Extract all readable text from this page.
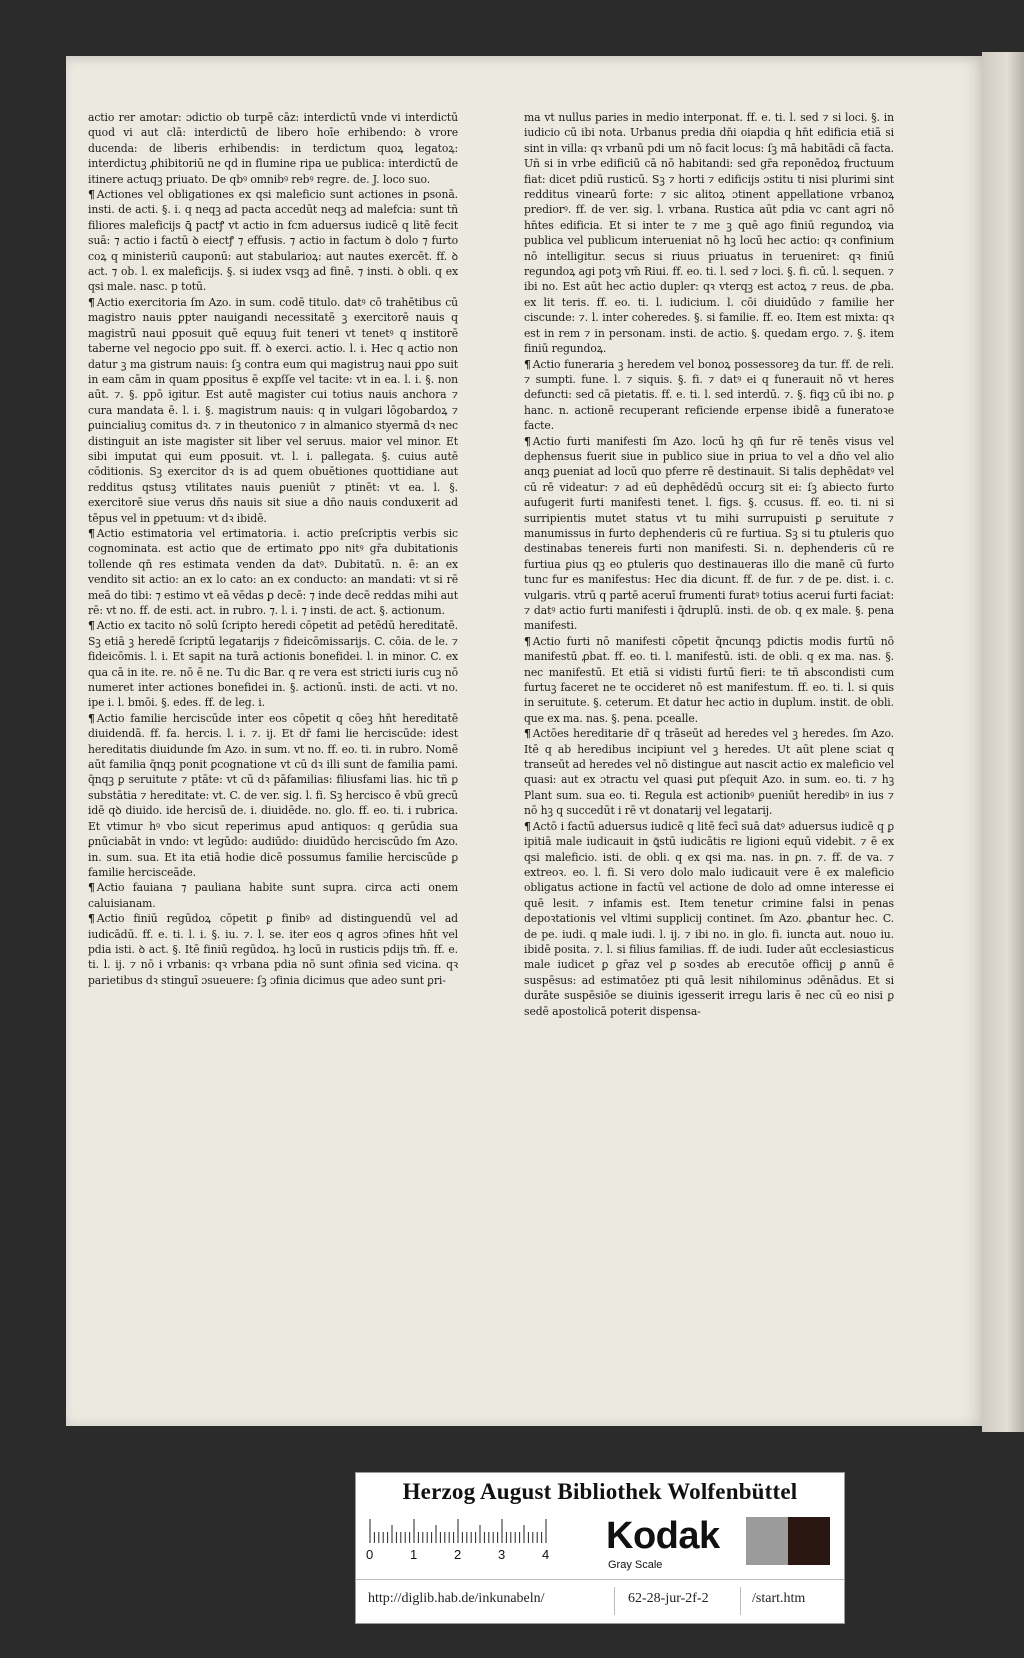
actio rer amotar: ɔdictio ob turpē cāz: interdictū vnde vi interdictū quod vi aut clā: interdictū de libero hoīe erhibendo: ꝺ vrore ducenda: de liberis erhibendis: in terdictum quoꝝ legatoꝝ: interdictuꝫ ꝓhibitoriū ne qd in flumine ripa ue publica: interdictū de itinere actuqꝫ priuato. De qbꝰ omnibꝰ rebꝰ regre. de. J. loco suo.

¶ Actiones vel obligationes ex qsi maleficio sunt actiones in ꝑsonā. insti. de acti. §. i. q neqꝫ ad pacta accedūt neqꝫ ad malefcia: sunt tñ filiores maleficijs ꝗ̄ pactꝭ vt actio in fcm aduersus iudicē q litē fecit suā: ⁊ actio i factū ꝺ eiectꝭ ⁊ effusis. ⁊ actio in factum ꝺ dolo ⁊ furto coꝝ q ministeriū cauponū: aut stabularioꝝ: aut nautes exercēt. ff. ꝺ act. ⁊ ob. l. ex maleficijs. §. si iudex vsqꝫ ad finē. ⁊ insti. ꝺ obli. q ex qsi male. nasc. p totū.

¶ Actio exercitoria ſm Azo. in sum. codē titulo. datꝰ cō trahētibus cū magistro nauis ꝑpter nauigandi necessitatē ꝫ exercitorē nauis q magistrū naui ꝑposuit quē equuꝫ fuit teneri vt tenetꝰ q institorē taberne vel negocio ꝑpo suit. ff. ꝺ exerci. actio. l. i. Hec q actio non datur ꝫ ma gistrum nauis: ſꝫ contra eum qui magistruꝫ naui ꝑpo suit in eam cām in quam ꝑpositus ē expſſe vel tacite: vt in ea. l. i. §. non aūt. ⁊. §. ꝑpō igitur. Est autē magister cui totius nauis anchora ⁊ cura mandata ē. l. i. §. magistrum nauis: q in vulgari lōgobardoꝝ ⁊ ꝑuincialiuꝫ comitus dꝛ. ⁊ in theutonico ⁊ in almanico styermā dꝛ nec distinguit an iste magister sit liber vel seruus. maior vel minor. Et sibi imputat qui eum ꝑposuit. vt. l. i. pallegata. §. cuius autē cōditionis. Sꝫ exercitor dꝛ is ad quem obuētiones quottidiane aut redditus qstusꝫ vtilitates nauis ꝑueniūt ⁊ ptinēt: vt ea. l. §. exercitorē siue verus dn̄s nauis sit siue a dn̄o nauis conduxerit ad tēpus vel in ꝑpetuum: vt dꝛ ibidē.

¶ Actio estimatoria vel ertimatoria. i. actio preſcriptis verbis sic cognominata. est actio que de ertimato ꝑpo nitꝰ gr̄a dubitationis tollende qn̄ res estimata venden da datꝰ. Dubitatū. n. ē: an ex vendito sit actio: an ex lo cato: an ex conducto: an mandati: vt si rē meā do tibi: ⁊ estimo vt eā vēdas ꝑ decē: ⁊ inde decē reddas mihi aut rē: vt no. ff. de esti. act. in rubro. ⁊. l. i. ⁊ insti. de act. §. actionum.

¶ Actio ex tacito nō solū ſcripto heredi cōpetit ad petēdū hereditatē. Sꝫ etiā ꝫ heredē ſcriptū legatarijs ⁊ fideicōmissarijs. C. cōia. de le. ⁊ fideicōmis. l. i. Et sapit na turā actionis bonefidei. l. in minor. C. ex qua cā in ite. re. nō ē ne. Tu dic Bar. q re vera est stricti iuris cuꝫ nō numeret inter actiones bonefidei in. §. actionū. insti. de acti. vt no. ipe i. l. bmōi. §. edes. ff. de leg. i.

¶ Actio familie herciscūde inter eos cōpetit q cōeꝫ hn̄t hereditatē diuidendā. ff. fa. hercis. l. i. ⁊. ij. Et dr̄ fami lie herciscūde: idest hereditatis diuidunde ſm Azo. in sum. vt no. ff. eo. ti. in rubro. Nomē aūt familia q̄nqꝫ ponit ꝑcognatione vt cū dꝛ illi sunt de familia pami. q̄nqꝫ ꝑ seruitute ⁊ ptāte: vt cū dꝛ pāfamilias: filiusfami lias. hic tñ ꝑ substātia ⁊ hereditate: vt. C. de ver. sig. l. fi. Sꝫ hercisco ē vbū grecū idē qꝺ diuido. ide hercisū de. i. diuidēde. no. glo. ff. eo. ti. i rubrica. Et vtimur hꝰ vbo sicut reperimus apud antiquos: q gerūdia sua ꝑnūciabāt in vndo: vt legūdo: audiūdo: diuidūdo herciscūdo ſm Azo. in. sum. sua. Et ita etiā hodie dicē possumus familie herciscūde ꝑ familie hercisceāde.

¶ Actio fauiana ⁊ pauliana habite sunt supra. circa acti onem caluisianam.

¶ Actio finiū regūdoꝝ cōpetit ꝑ finibꝰ ad distinguendū vel ad iudicādū. ff. e. ti. l. i. §. iu. ⁊. l. se. iter eos q agros ɔfines hn̄t vel pdia isti. ꝺ act. §. Itē finiū regūdoꝝ. hꝫ locū in rusticis pdijs tm̄. ff. e. ti. l. ij. ⁊ nō i vrbanis: qꝛ vrbana pdia nō sunt ɔfinia sed vicina. qꝛ parietibus dꝛ stinguī ɔsueuere: ſꝫ ɔfinia dicimus que adeo sunt ꝑri-

ma vt nullus paries in medio interponat. ff. e. ti. l. sed ⁊ si loci. §. in iudicio cū ibi nota. Urbanus predia dn̄i oiapdia q hn̄t edificia etiā si sint in villa: qꝛ vrbanū pdi um nō facit locus: ſꝫ mā habitādi cā facta. Uñ si in vrbe edificiū cā nō habitandi: sed gr̄a reponēdoꝝ fructuum fiat: dicet pdiū rusticū. Sꝫ ⁊ horti ⁊ edificijs ɔstitu ti nisi plurimi sint redditus vinearū forte: ⁊ sic alitoꝝ ɔtinent appellatione vrbanoꝝ prediorꝰ. ff. de ver. sig. l. vrbana. Rustica aūt pdia vc cant agri nō hn̄tes edificia. Et si inter te ⁊ me ꝫ quē ago finiū regundoꝝ via publica vel publicum interueniat nō hꝫ locū hec actio: qꝛ confinium nō intelligitur. secus si riuus priuatus in terueniret: qꝛ finiū regundoꝝ agi potꝫ vm̄ Riui. ff. eo. ti. l. sed ⁊ loci. §. fi. cū. l. sequen. ⁊ ibi no. Est aūt hec actio dupler: qꝛ vterqꝫ est actoꝝ ⁊ reus. de ꝓba. ex lit teris. ff. eo. ti. l. iudicium. l. cōi diuidūdo ⁊ familie her ciscunde: ⁊. l. inter coheredes. §. si familie. ff. eo. Item est mixta: qꝛ est in rem ⁊ in personam. insti. de actio. §. quedam ergo. ⁊. §. item finiū regundoꝝ.

¶ Actio funeraria ꝫ heredem vel bonoꝝ possessoreꝫ da tur. ff. de reli. ⁊ sumpti. fune. l. ⁊ siquis. §. fi. ⁊ datꝰ ei q funerauit nō vt heres defuncti: sed cā pietatis. ff. e. ti. l. sed interdū. ⁊. §. fiqꝫ cū ibi no. ꝑ hanc. n. actionē recuperant reficiende erpense ibidē a funeratoꝛe facte.

¶ Actio furti manifesti ſm Azo. locū hꝫ qn̄ fur rē tenēs visus vel dephensus fuerit siue in publico siue in priua to vel a dn̄o vel alio anqꝫ ꝑueniat ad locū quo pferre rē destinauit. Si talis dephēdatꝰ vel cū rē videatur: ⁊ ad eū dephēdēdū occurꝫ sit ei: ſꝫ abiecto furto aufugerit furti manifesti tenet. l. figs. §. ccusus. ff. eo. ti. ni si surripientis mutet status vt tu mihi surrupuisti ꝑ seruitute ⁊ manumissus in furto dephenderis cū re furtiua. Sꝫ si tu ꝑtuleris quo destinabas tenereis furti non manifesti. Si. n. dephenderis cū re furtiua ꝑius qꝫ eo ꝑtuleris quo destinaueras illo die manē cū furto tunc fur es manifestus: Hec dia dicunt. ff. de fur. ⁊ de pe. dist. i. c. vulgaris. vtrū q partē aceruī frumenti furatꝰ totius acerui furti faciat: ⁊ datꝰ actio furti manifesti i q̄druplū. insti. de ob. q ex male. §. pena manifesti.

¶ Actio furti nō manifesti cōpetit q̄ncunqꝫ pdictis modis furtū nō manifestū ꝓbat. ff. eo. ti. l. manifestū. isti. de obli. q ex ma. nas. §. nec manifestū. Et etiā si vidisti furtū fieri: te tñ abscondisti cum furtuꝫ faceret ne te occideret nō est manifestum. ff. eo. ti. l. si quis in seruitute. §. ceterum. Et datur hec actio in duplum. instit. de obli. que ex ma. nas. §. pena. pcealle.

¶ Actōes hereditarie dr̄ q trāseūt ad heredes vel ꝫ heredes. ſm Azo. Itē q ab heredibus incipiunt vel ꝫ heredes. Ut aūt plene sciat q transeūt ad heredes vel nō distingue aut nascit actio ex maleficio vel quasi: aut ex ɔtractu vel quasi ꝑut pſequit Azo. in sum. eo. ti. ⁊ hꝫ Plant sum. sua eo. ti. Regula est actionibꝰ ꝑueniūt heredibꝰ in ius ⁊ nō hꝫ q succedūt i rē vt donatarij vel legatarij.

¶ Actō i factū aduersus iudicē q litē fecī suā datꝰ aduersus iudicē q ꝑ ipitiā male iudicauit in ꝗ̄stū iudicātis re ligioni equū videbit. ⁊ ē ex qsi maleficio. isti. de obli. q ex qsi ma. nas. in ꝑn. ⁊. ff. de va. ⁊ extreoꝛ. eo. l. fi. Si vero dolo malo iudicauit vere ē ex maleficio obligatus actione in factū vel actione de dolo ad omne interesse ei quē lesit. ⁊ infamis est. Item tenetur crimine falsi in penas depoꝛtationis vel vltimi supplicij continet. ſm Azo. ꝓbantur hec. C. de pe. iudi. q male iudi. l. ij. ⁊ ibi no. in glo. fi. iuncta aut. nouo iu. ibidē posita. ⁊. l. si filius familias. ff. de iudi. Iuder aūt ecclesiasticus male iudicet ꝑ gr̄az vel ꝑ soꝛdes ab erecutōe officij ꝑ annū ē suspēsus: ad estimatōez pti quā lesit nihilominus ɔdēnādus. Et si durāte suspēsiōe se diuinis igesserit irregu laris ē nec cū eo nisi ꝑ sedē apostolicā poterit dispensa-

Herzog August Bibliothek Wolfenbüttel
0	1	2	3	4 Kodak
Gray Scale
http://diglib.hab.de/inkunabeln/	62-28-jur-2f-2	/start.htm
